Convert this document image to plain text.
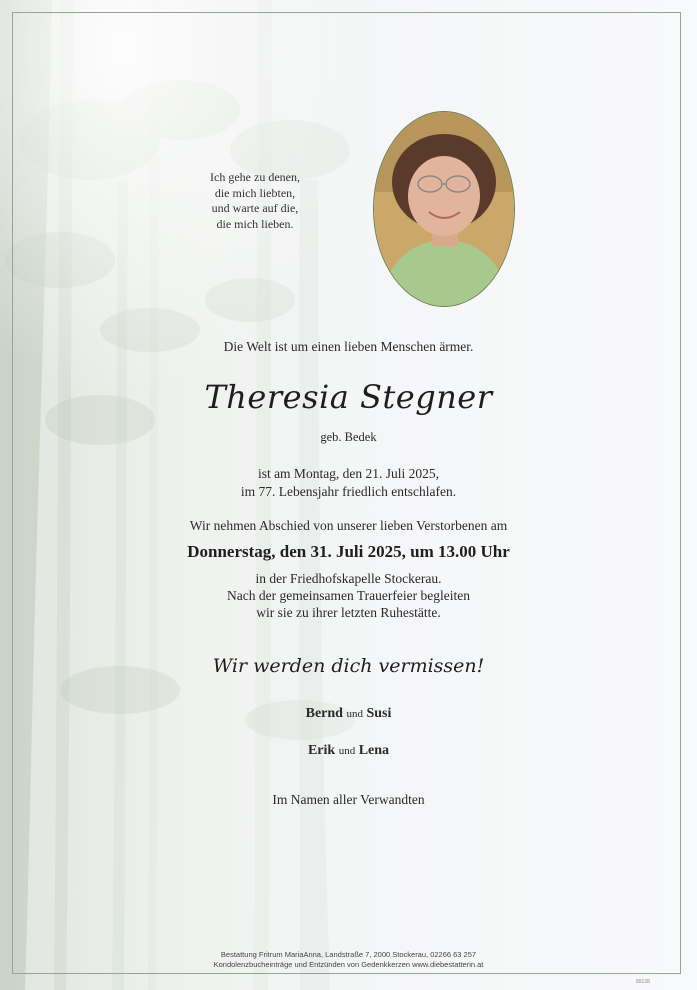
Ich gehe zu denen,
die mich liebten,
und warte auf die,
die mich lieben.
Die Welt ist um einen lieben Menschen ärmer.
Theresia Stegner
geb. Bedek
ist am Montag, den 21. Juli 2025,
im 77. Lebensjahr friedlich entschlafen.
Wir nehmen Abschied von unserer lieben Verstorbenen am
Donnerstag, den 31. Juli 2025, um 13.00 Uhr
in der Friedhofskapelle Stockerau.
Nach der gemeinsamen Trauerfeier begleiten
wir sie zu ihrer letzten Ruhestätte.
Wir werden dich vermissen!
Bernd und Susi
Erik und Lena
Im Namen aller Verwandten
Bestattung Fritrum MariaAnna, Landstraße 7, 2000 Stockerau, 02266 63 257
Kondolenzbucheinträge und Entzünden von Gedenkkerzen www.diebestatterin.at
89138
